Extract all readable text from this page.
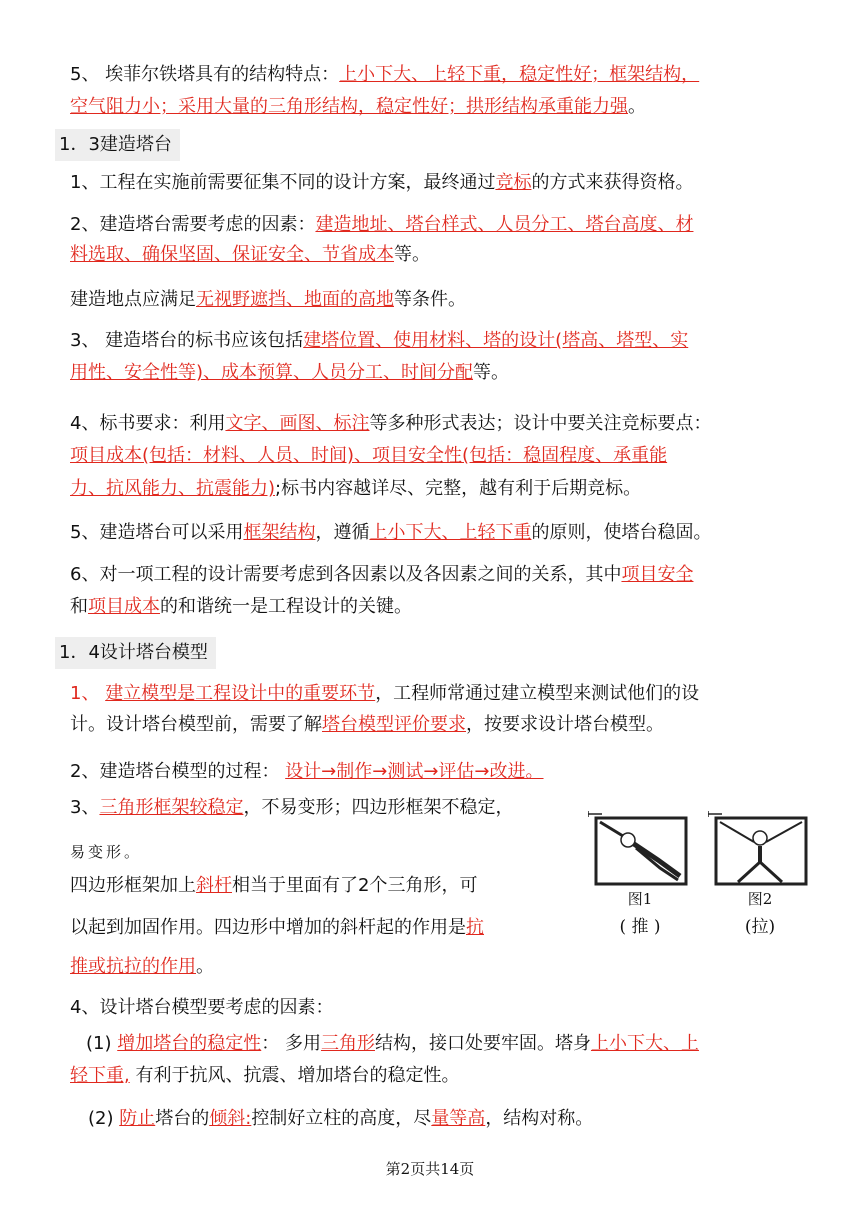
5、 埃菲尔铁塔具有的结构特点：上小下大、上轻下重，稳定性好；框架结构，
空气阻力小；采用大量的三角形结构，稳定性好；拱形结构承重能力强。
1．3建造塔台
1、工程在实施前需要征集不同的设计方案，最终通过竞标的方式来获得资格。
2、建造塔台需要考虑的因素：建造地址、塔台样式、人员分工、塔台高度、材
料选取、确保坚固、保证安全、节省成本等。
建造地点应满足无视野遮挡、地面的高地等条件。
3、 建造塔台的标书应该包括建塔位置、使用材料、塔的设计(塔高、塔型、实
用性、安全性等)、成本预算、人员分工、时间分配等。
4、标书要求：利用文字、画图、标注等多种形式表达；设计中要关注竞标要点：
项目成本(包括：材料、人员、时间)、项目安全性(包括：稳固程度、承重能
力、抗风能力、抗震能力);标书内容越详尽、完整，越有利于后期竞标。
5、建造塔台可以采用框架结构，遵循上小下大、上轻下重的原则，使塔台稳固。
6、对一项工程的设计需要考虑到各因素以及各因素之间的关系，其中项目安全
和项目成本的和谐统一是工程设计的关键。
1．4设计塔台模型
1、 建立模型是工程设计中的重要环节，工程师常通过建立模型来测试他们的设
计。设计塔台模型前，需要了解塔台模型评价要求，按要求设计塔台模型。
2、建造塔台模型的过程： 设计→制作→测试→评估→改进。
3、三角形框架较稳定，不易变形；四边形框架不稳定，
易变形。
四边形框架加上斜杆相当于里面有了2个三角形，可
以起到加固作用。四边形中增加的斜杆起的作用是抗
推或抗拉的作用。
图1
( 推 )
图2
(拉)
4、设计塔台模型要考虑的因素：
(1) 增加塔台的稳定性： 多用三角形结构，接口处要牢固。塔身上小下大、上
轻下重, 有利于抗风、抗震、增加塔台的稳定性。
(2) 防止塔台的倾斜:控制好立柱的高度，尽量等高，结构对称。
第2页共14页
